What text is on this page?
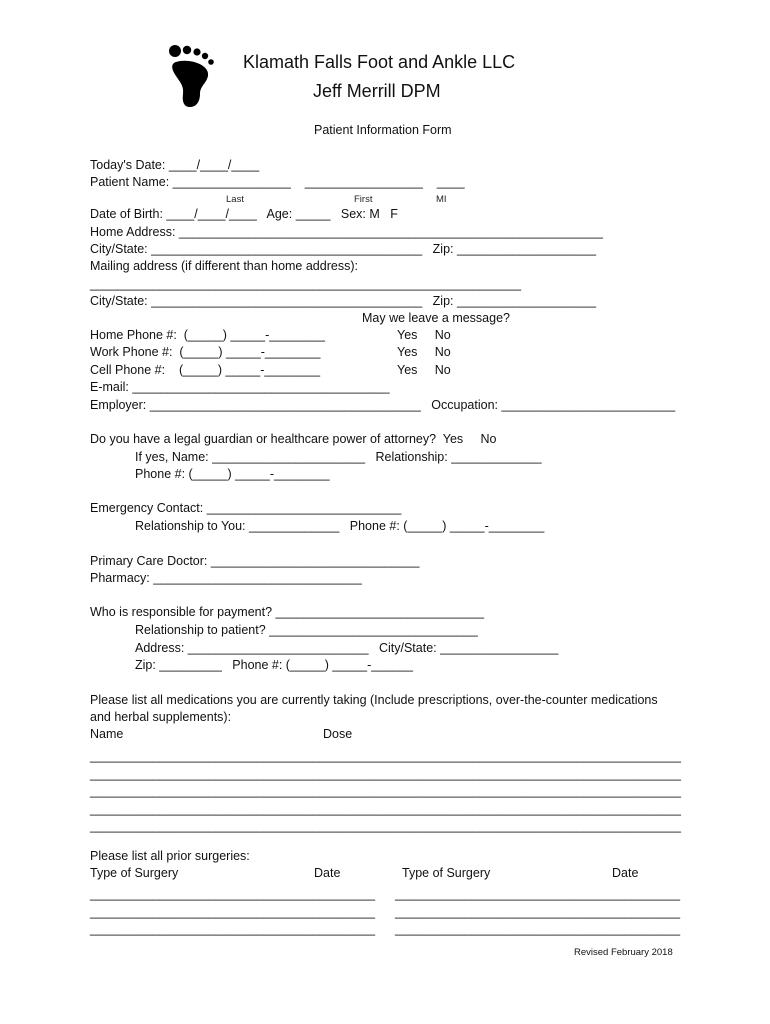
Klamath Falls Foot and Ankle LLC
Jeff Merrill DPM
Patient Information Form
Today's Date: ____/____/____
Patient Name: _________________    _________________    ____
Last	First	MI
Date of Birth: ____/____/____   Age: _____   Sex: M   F
Home Address: _____________________________________________________________
City/State: _______________________________________   Zip: ____________________
Mailing address (if different than home address):
______________________________________________________________
City/State: _______________________________________   Zip: ____________________
May we leave a message?
Home Phone #:  (_____) _____-________	Yes     No
Work Phone #:  (_____) _____-________	Yes     No
Cell Phone #:    (_____) _____-________	Yes     No
E-mail: _____________________________________
Employer: _______________________________________   Occupation: _________________________
Do you have a legal guardian or healthcare power of attorney?  Yes     No
If yes, Name: ______________________   Relationship: _____________
Phone #: (_____) _____-________
Emergency Contact: ____________________________
Relationship to You: _____________   Phone #: (_____) _____-________
Primary Care Doctor: ______________________________
Pharmacy: ______________________________
Who is responsible for payment? ______________________________
Relationship to patient? ______________________________
Address: __________________________   City/State: _________________
Zip: _________   Phone #: (_____) _____-______
Please list all medications you are currently taking (Include prescriptions, over-the-counter medications
and herbal supplements):
Name	Dose
_____________________________________________________________________________________
_____________________________________________________________________________________
_____________________________________________________________________________________
_____________________________________________________________________________________
_____________________________________________________________________________________
Please list all prior surgeries:
Type of Surgery	Date	Type of Surgery	Date
_________________________________________ _________________________________________
_________________________________________ _________________________________________
_________________________________________ _________________________________________
Revised February 2018
